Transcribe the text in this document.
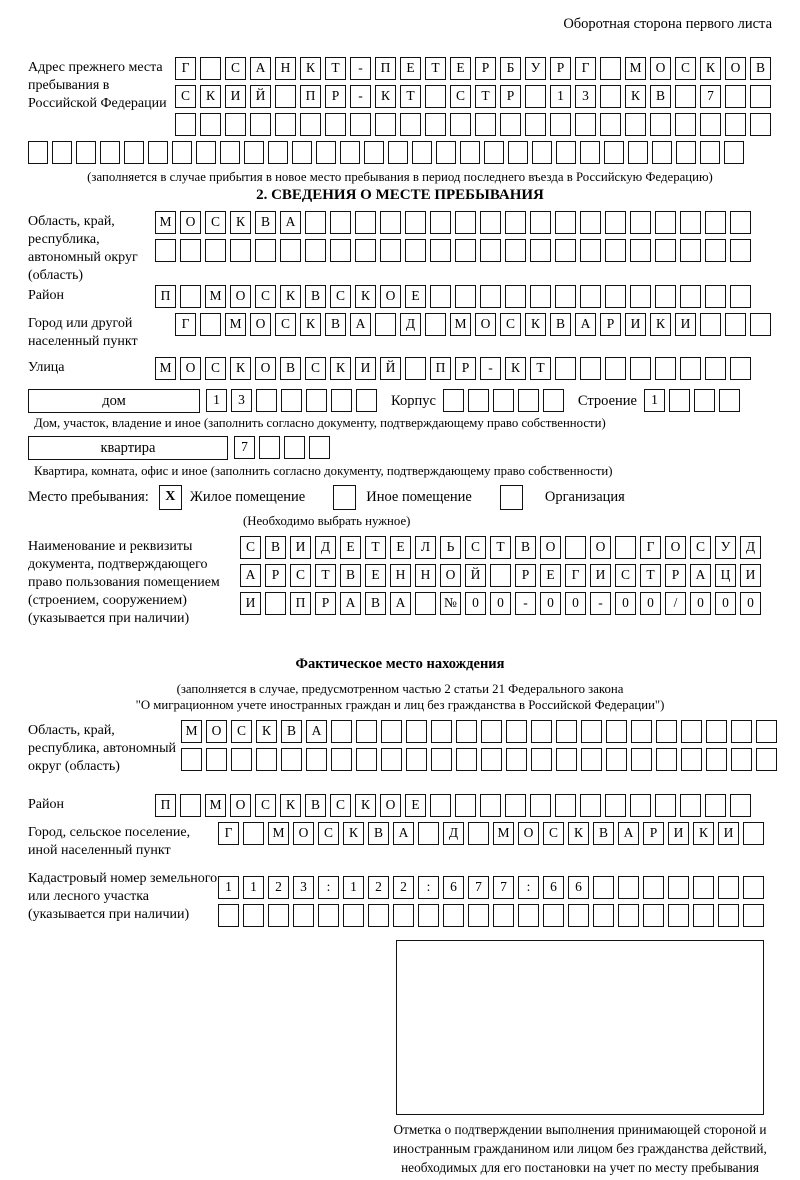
Оборотная сторона первого листа
Адрес прежнего места пребывания в Российской Федерации
Г	С А Н К Т - П Е Т Е Р Б У Р Г	М О С К О В
С К И Й	П Р - К Т	С Т Р	1 3	К В	7
(заполняется в случае прибытия в новое место пребывания в период последнего въезда в Российскую Федерацию)
2. СВЕДЕНИЯ О МЕСТЕ ПРЕБЫВАНИЯ
Область, край, республика, автономный округ (область)
М О С К В А
Район	П	М О С К В С К О Е
Город или другой населенный пункт
Г	М О С К В А	Д	М О С К В А Р И К И
Улица	М О С К О В С К И Й	П Р - К Т
дом	1 3	Корпус	Строение	1
Дом, участок, владение и иное (заполнить согласно документу, подтверждающему право собственности)
квартира	7
Квартира, комната, офис и иное (заполнить согласно документу, подтверждающему право собственности)
Место пребывания:	X Жилое помещение	Иное помещение	Организация
(Необходимо выбрать нужное)
Наименование и реквизиты документа, подтверждающего право пользования помещением (строением, сооружением) (указывается при наличии)
С В И Д Е Т Е Л Ь С Т В О	О	Г О С У Д
А Р С Т В Е Н Н О Й	Р Е Г И С Т Р А Ц И
И	П Р А В А	№ 0 0 - 0 0 - 0 0 / 0 0 0
Фактическое место нахождения
(заполняется в случае, предусмотренном частью 2 статьи 21 Федерального закона
"О миграционном учете иностранных граждан и лиц без гражданства в Российской Федерации")
Область, край, республика, автономный округ (область)
М О С К В А
Район	П	М О С К В С К О Е
Город, сельское поселение, иной населенный пункт
Г	М О С К В А	Д	М О С К В А Р И К И
Кадастровый номер земельного или лесного участка (указывается при наличии)
1 1 2 3 : 1 2 2 : 6 7 7 : 6 6
Отметка о подтверждении выполнения принимающей стороной и иностранным гражданином или лицом без гражданства действий, необходимых для его постановки на учет по месту пребывания
